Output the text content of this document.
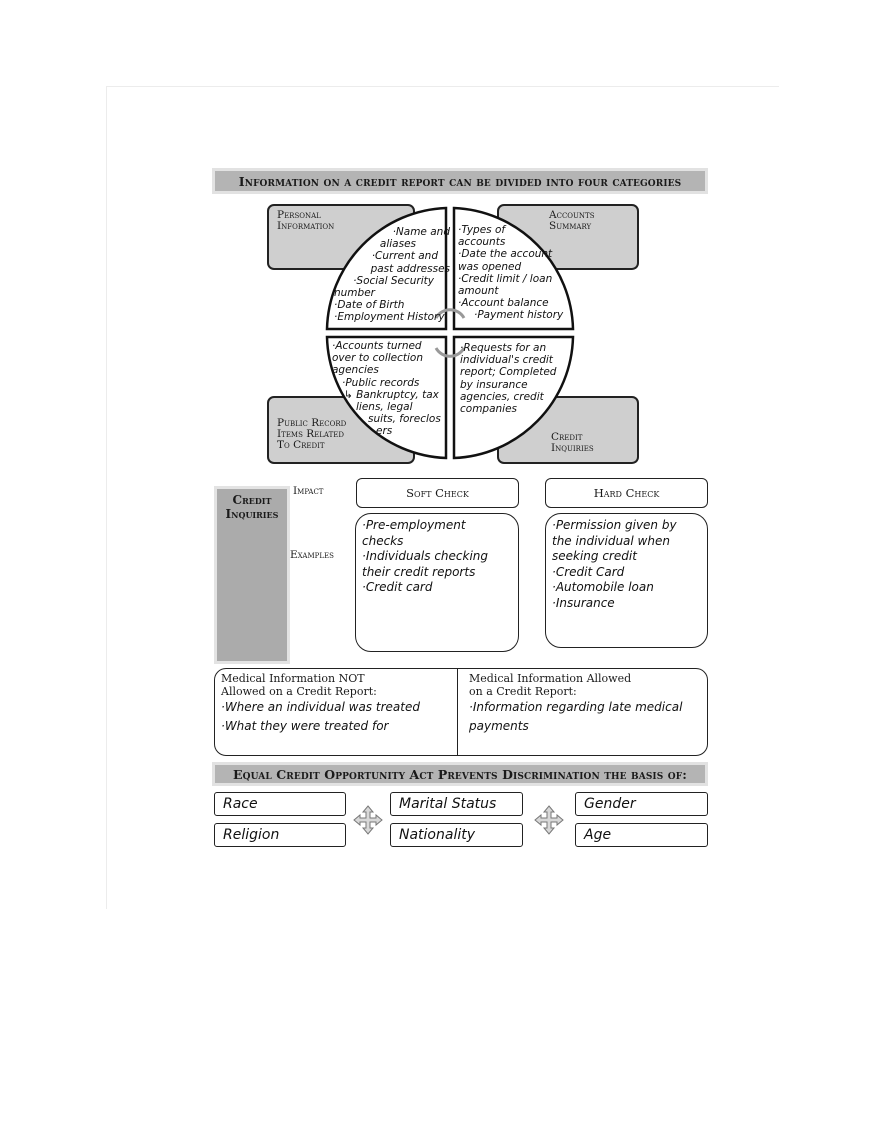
Information on a credit report can be divided into four categories
Personal
Information
Accounts
Summary
Public Record
Items Related
To Credit
Credit
Inquiries
·Name and
aliases
·Current and
past addresses
·Social Security
number
·Date of Birth
·Employment History
·Types of
accounts
·Date the account
was opened
·Credit limit / loan
amount
·Account balance
·Payment history
·Accounts turned
over to collection
agencies
·Public records
↳ Bankruptcy, tax
liens, legal
suits, foreclos
ers
·Requests for an
individual's credit
report; Completed
by insurance
agencies, credit
companies
Credit
Inquiries
Impact
Examples
Soft Check	Hard Check
·Pre-employment
checks
·Individuals checking
their credit reports
·Credit card
·Permission given by
the individual when
seeking credit
·Credit Card
·Automobile loan
·Insurance
Medical Information NOT
Allowed on a Credit Report:
·Where an individual was treated
·What they were treated for
Medical Information Allowed
on a Credit Report:
·Information regarding late medical
payments
Equal Credit Opportunity Act Prevents Discrimination the basis of:
Race
Religion
Marital Status
Nationality
Gender
Age
